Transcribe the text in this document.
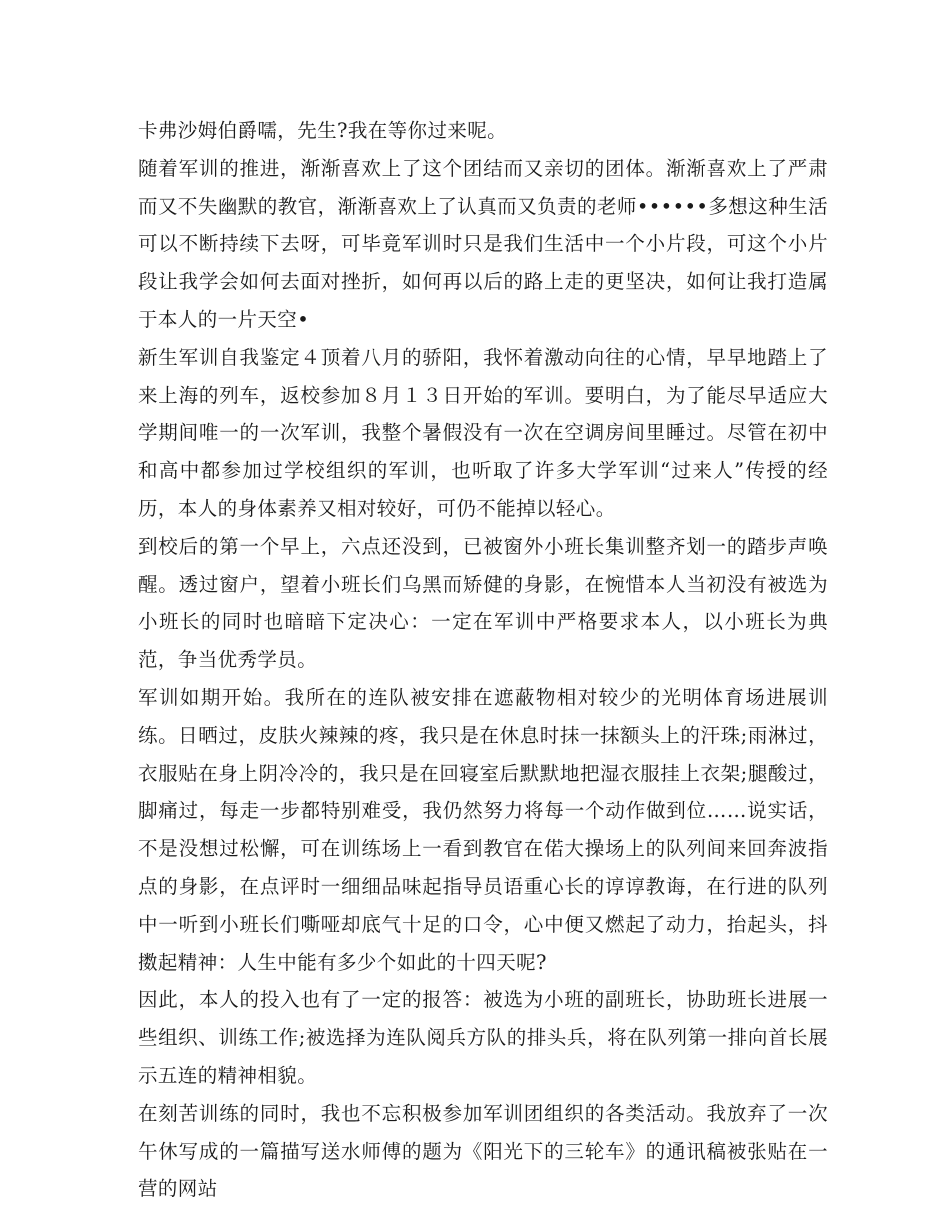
卡弗沙姆伯爵嚅，先生?我在等你过来呢。

随着军训的推进，渐渐喜欢上了这个团结而又亲切的团体。渐渐喜欢上了严肃而又不失幽默的教官，渐渐喜欢上了认真而又负责的老师••••••多想这种生活可以不断持续下去呀，可毕竟军训时只是我们生活中一个小片段，可这个小片段让我学会如何去面对挫折，如何再以后的路上走的更坚决，如何让我打造属于本人的一片天空•

新生军训自我鉴定４顶着八月的骄阳，我怀着激动向往的心情，早早地踏上了来上海的列车，返校参加８月１３日开始的军训。要明白，为了能尽早适应大学期间唯一的一次军训，我整个暑假没有一次在空调房间里睡过。尽管在初中和高中都参加过学校组织的军训，也听取了许多大学军训“过来人”传授的经历，本人的身体素养又相对较好，可仍不能掉以轻心。

到校后的第一个早上，六点还没到，已被窗外小班长集训整齐划一的踏步声唤醒。透过窗户，望着小班长们乌黑而矫健的身影，在惋惜本人当初没有被选为小班长的同时也暗暗下定决心：一定在军训中严格要求本人，以小班长为典范，争当优秀学员。

军训如期开始。我所在的连队被安排在遮蔽物相对较少的光明体育场进展训练。日晒过，皮肤火辣辣的疼，我只是在休息时抹一抹额头上的汗珠;雨淋过，衣服贴在身上阴冷冷的，我只是在回寝室后默默地把湿衣服挂上衣架;腿酸过，脚痛过，每走一步都特别难受，我仍然努力将每一个动作做到位……说实话，不是没想过松懈，可在训练场上一看到教官在偌大操场上的队列间来回奔波指点的身影，在点评时一细细品味起指导员语重心长的谆谆教诲，在行进的队列中一听到小班长们嘶哑却底气十足的口令，心中便又燃起了动力，抬起头，抖擞起精神：人生中能有多少个如此的十四天呢?

因此，本人的投入也有了一定的报答：被选为小班的副班长，协助班长进展一些组织、训练工作;被选择为连队阅兵方队的排头兵，将在队列第一排向首长展示五连的精神相貌。

在刻苦训练的同时，我也不忘积极参加军训团组织的各类活动。我放弃了一次午休写成的一篇描写送水师傅的题为《阳光下的三轮车》的通讯稿被张贴在一营的网站
